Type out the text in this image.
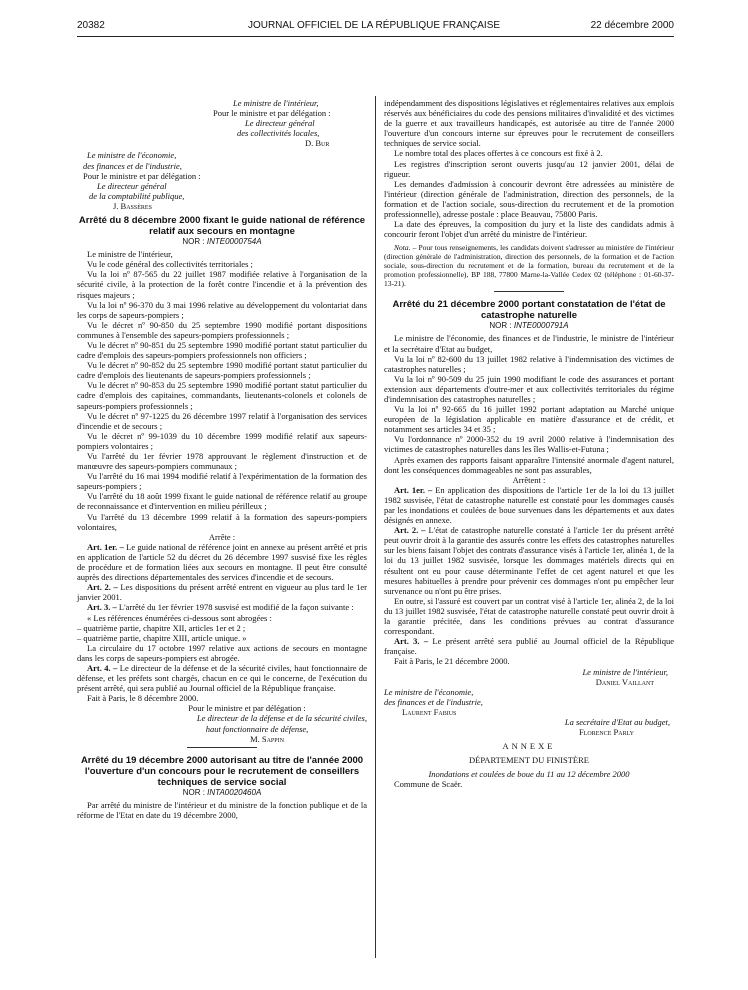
20382	JOURNAL OFFICIEL DE LA RÉPUBLIQUE FRANÇAISE	22 décembre 2000

Le ministre de l'intérieur,

Pour le ministre et par délégation :

Le directeur général

des collectivités locales,

D. Bur

Le ministre de l'économie,

des finances et de l'industrie,

Pour le ministre et par délégation :

Le directeur général

de la comptabilité publique,

J. Bassères

Arrêté du 8 décembre 2000 fixant le guide national de référence relatif aux secours en montagne

NOR : INTE0000754A

Le ministre de l'intérieur,

Vu le code général des collectivités territoriales ;

Vu la loi nº 87-565 du 22 juillet 1987 modifiée relative à l'organisation de la sécurité civile, à la protection de la forêt contre l'incendie et à la prévention des risques majeurs ;

Vu la loi nº 96-370 du 3 mai 1996 relative au développement du volontariat dans les corps de sapeurs-pompiers ;

Vu le décret nº 90-850 du 25 septembre 1990 modifié portant dispositions communes à l'ensemble des sapeurs-pompiers professionnels ;

Vu le décret nº 90-851 du 25 septembre 1990 modifié portant statut particulier du cadre d'emplois des sapeurs-pompiers professionnels non officiers ;

Vu le décret nº 90-852 du 25 septembre 1990 modifié portant statut particulier du cadre d'emplois des lieutenants de sapeurs-pompiers professionnels ;

Vu le décret nº 90-853 du 25 septembre 1990 modifié portant statut particulier du cadre d'emplois des capitaines, commandants, lieutenants-colonels et colonels de sapeurs-pompiers professionnels ;

Vu le décret nº 97-1225 du 26 décembre 1997 relatif à l'organisation des services d'incendie et de secours ;

Vu le décret nº 99-1039 du 10 décembre 1999 modifié relatif aux sapeurs-pompiers volontaires ;

Vu l'arrêté du 1er février 1978 approuvant le règlement d'instruction et de manœuvre des sapeurs-pompiers communaux ;

Vu l'arrêté du 16 mai 1994 modifié relatif à l'expérimentation de la formation des sapeurs-pompiers ;

Vu l'arrêté du 18 août 1999 fixant le guide national de référence relatif au groupe de reconnaissance et d'intervention en milieu périlleux ;

Vu l'arrêté du 13 décembre 1999 relatif à la formation des sapeurs-pompiers volontaires,

Arrête :

Art. 1er. – Le guide national de référence joint en annexe au présent arrêté et pris en application de l'article 52 du décret du 26 décembre 1997 susvisé fixe les règles de procédure et de formation liées aux secours en montagne. Il peut être consulté auprès des directions départementales des services d'incendie et de secours.

Art. 2. – Les dispositions du présent arrêté entrent en vigueur au plus tard le 1er janvier 2001.

Art. 3. – L'arrêté du 1er février 1978 susvisé est modifié de la façon suivante :

« Les références énumérées ci-dessous sont abrogées :

– quatrième partie, chapitre XII, articles 1er et 2 ;

– quatrième partie, chapitre XIII, article unique. »

La circulaire du 17 octobre 1997 relative aux actions de secours en montagne dans les corps de sapeurs-pompiers est abrogée.

Art. 4. – Le directeur de la défense et de la sécurité civiles, haut fonctionnaire de défense, et les préfets sont chargés, chacun en ce qui le concerne, de l'exécution du présent arrêté, qui sera publié au Journal officiel de la République française.

Fait à Paris, le 8 décembre 2000.

Pour le ministre et par délégation :

Le directeur de la défense et de la sécurité civiles,

haut fonctionnaire de défense,

M. Sappin

Arrêté du 19 décembre 2000 autorisant au titre de l'année 2000 l'ouverture d'un concours pour le recrutement de conseillers techniques de service social

NOR : INTA0020460A

Par arrêté du ministre de l'intérieur et du ministre de la fonction publique et de la réforme de l'Etat en date du 19 décembre 2000,

indépendamment des dispositions législatives et réglementaires relatives aux emplois réservés aux bénéficiaires du code des pensions militaires d'invalidité et des victimes de la guerre et aux travailleurs handicapés, est autorisée au titre de l'année 2000 l'ouverture d'un concours interne sur épreuves pour le recrutement de conseillers techniques de service social.

Le nombre total des places offertes à ce concours est fixé à 2.

Les registres d'inscription seront ouverts jusqu'au 12 janvier 2001, délai de rigueur.

Les demandes d'admission à concourir devront être adressées au ministère de l'intérieur (direction générale de l'administration, direction des personnels, de la formation et de l'action sociale, sous-direction du recrutement et de la promotion professionnelle), adresse postale : place Beauvau, 75800 Paris.

La date des épreuves, la composition du jury et la liste des candidats admis à concourir feront l'objet d'un arrêté du ministre de l'intérieur.

Nota. – Pour tous renseignements, les candidats doivent s'adresser au ministère de l'intérieur (direction générale de l'administration, direction des personnels, de la formation et de l'action sociale, sous-direction du recrutement et de la formation, bureau du recrutement et de la promotion professionnelle), BP 188, 77800 Marne-la-Vallée Cedex 02 (téléphone : 01-60-37-13-21).

Arrêté du 21 décembre 2000 portant constatation de l'état de catastrophe naturelle

NOR : INTE0000791A

Le ministre de l'économie, des finances et de l'industrie, le ministre de l'intérieur et la secrétaire d'Etat au budget,

Vu la loi nº 82-600 du 13 juillet 1982 relative à l'indemnisation des victimes de catastrophes naturelles ;

Vu la loi nº 90-509 du 25 juin 1990 modifiant le code des assurances et portant extension aux départements d'outre-mer et aux collectivités territoriales du régime d'indemnisation des catastrophes naturelles ;

Vu la loi nº 92-665 du 16 juillet 1992 portant adaptation au Marché unique européen de la législation applicable en matière d'assurance et de crédit, et notamment ses articles 34 et 35 ;

Vu l'ordonnance nº 2000-352 du 19 avril 2000 relative à l'indemnisation des victimes de catastrophes naturelles dans les îles Wallis-et-Futuna ;

Après examen des rapports faisant apparaître l'intensité anormale d'agent naturel, dont les conséquences dommageables ne sont pas assurables,

Arrêtent :

Art. 1er. – En application des dispositions de l'article 1er de la loi du 13 juillet 1982 susvisée, l'état de catastrophe naturelle est constaté pour les dommages causés par les inondations et coulées de boue survenues dans les départements et aux dates désignés en annexe.

Art. 2. – L'état de catastrophe naturelle constaté à l'article 1er du présent arrêté peut ouvrir droit à la garantie des assurés contre les effets des catastrophes naturelles sur les biens faisant l'objet des contrats d'assurance visés à l'article 1er, alinéa 1, de la loi du 13 juillet 1982 susvisée, lorsque les dommages matériels directs qui en résultent ont eu pour cause déterminante l'effet de cet agent naturel et que les mesures habituelles à prendre pour prévenir ces dommages n'ont pu empêcher leur survenance ou n'ont pu être prises.

En outre, si l'assuré est couvert par un contrat visé à l'article 1er, alinéa 2, de la loi du 13 juillet 1982 susvisée, l'état de catastrophe naturelle constaté peut ouvrir droit à la garantie précitée, dans les conditions prévues au contrat d'assurance correspondant.

Art. 3. – Le présent arrêté sera publié au Journal officiel de la République française.

Fait à Paris, le 21 décembre 2000.

Le ministre de l'intérieur,

Daniel Vaillant

Le ministre de l'économie,

des finances et de l'industrie,

Laurent Fabius

La secrétaire d'Etat au budget,

Florence Parly

ANNEXE

DÉPARTEMENT DU FINISTÈRE

Inondations et coulées de boue du 11 au 12 décembre 2000

Commune de Scaër.
